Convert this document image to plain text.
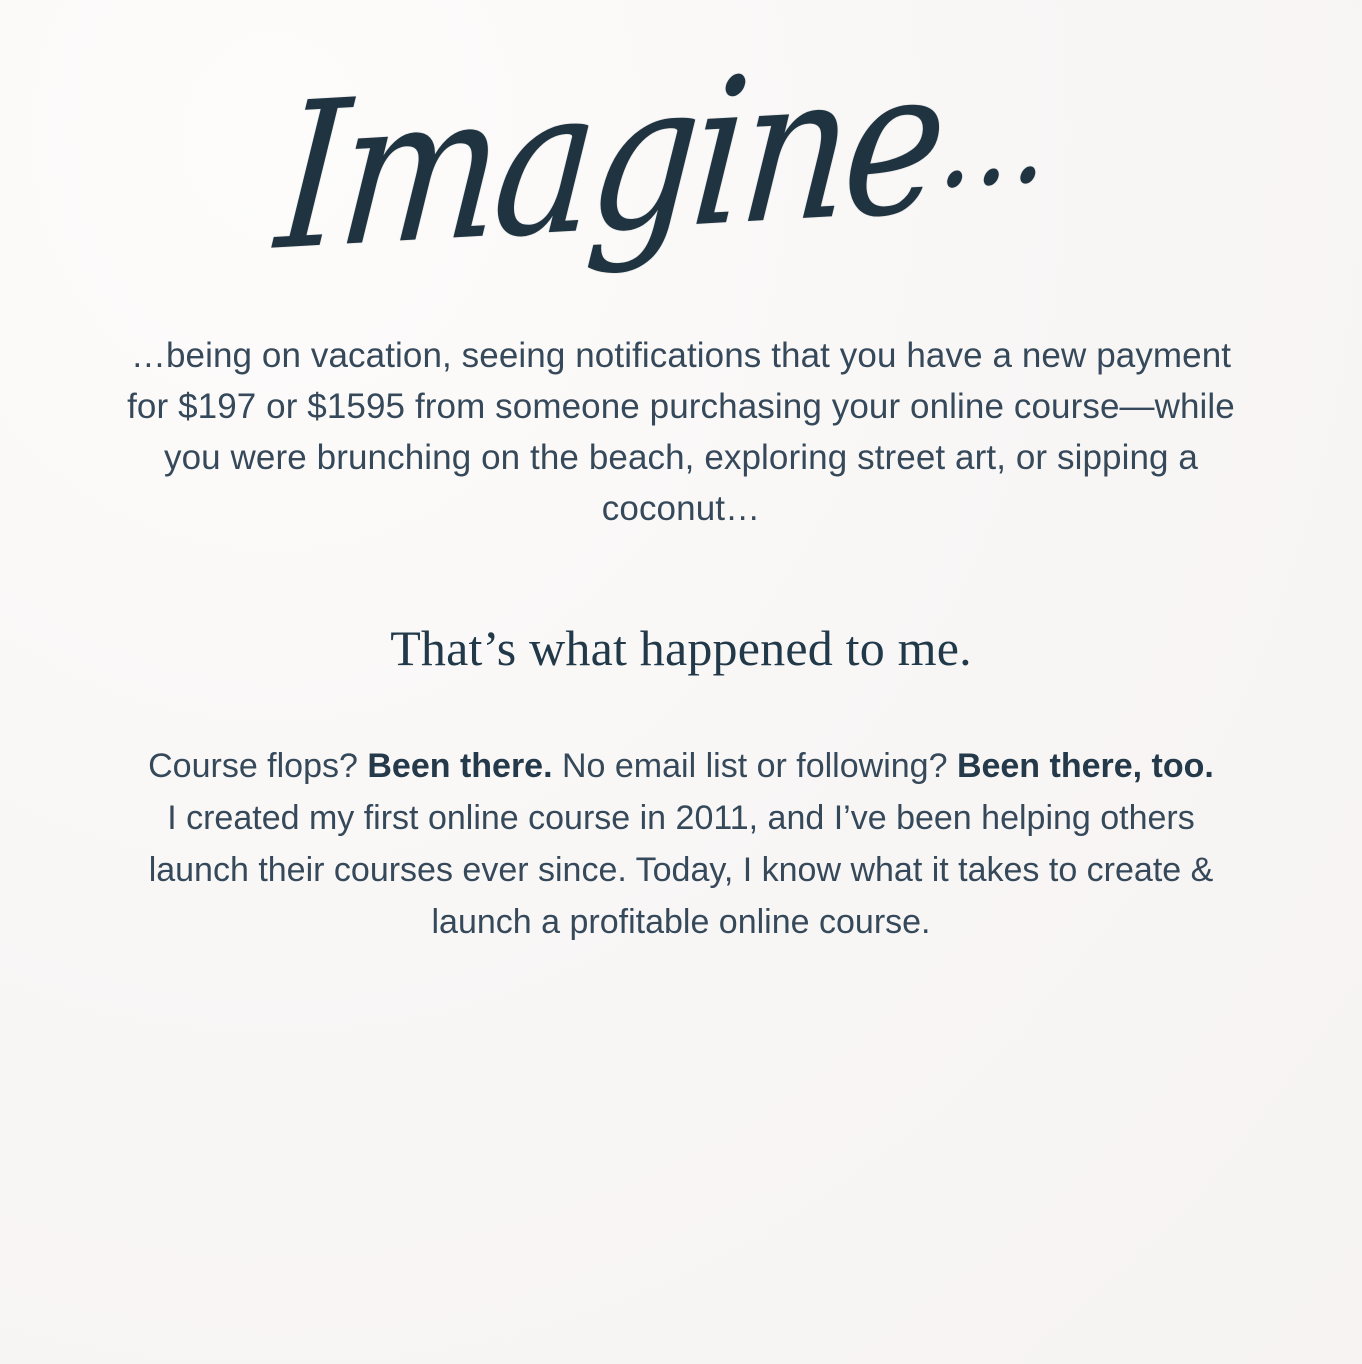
Imagine…

…being on vacation, seeing notifications that you have a new payment for $197 or $1595 from someone purchasing your online course—while you were brunching on the beach, exploring street art, or sipping a coconut…

That’s what happened to me.

Course flops? Been there. No email list or following? Been there, too. I created my first online course in 2011, and I’ve been helping others launch their courses ever since. Today, I know what it takes to create & launch a profitable online course.
